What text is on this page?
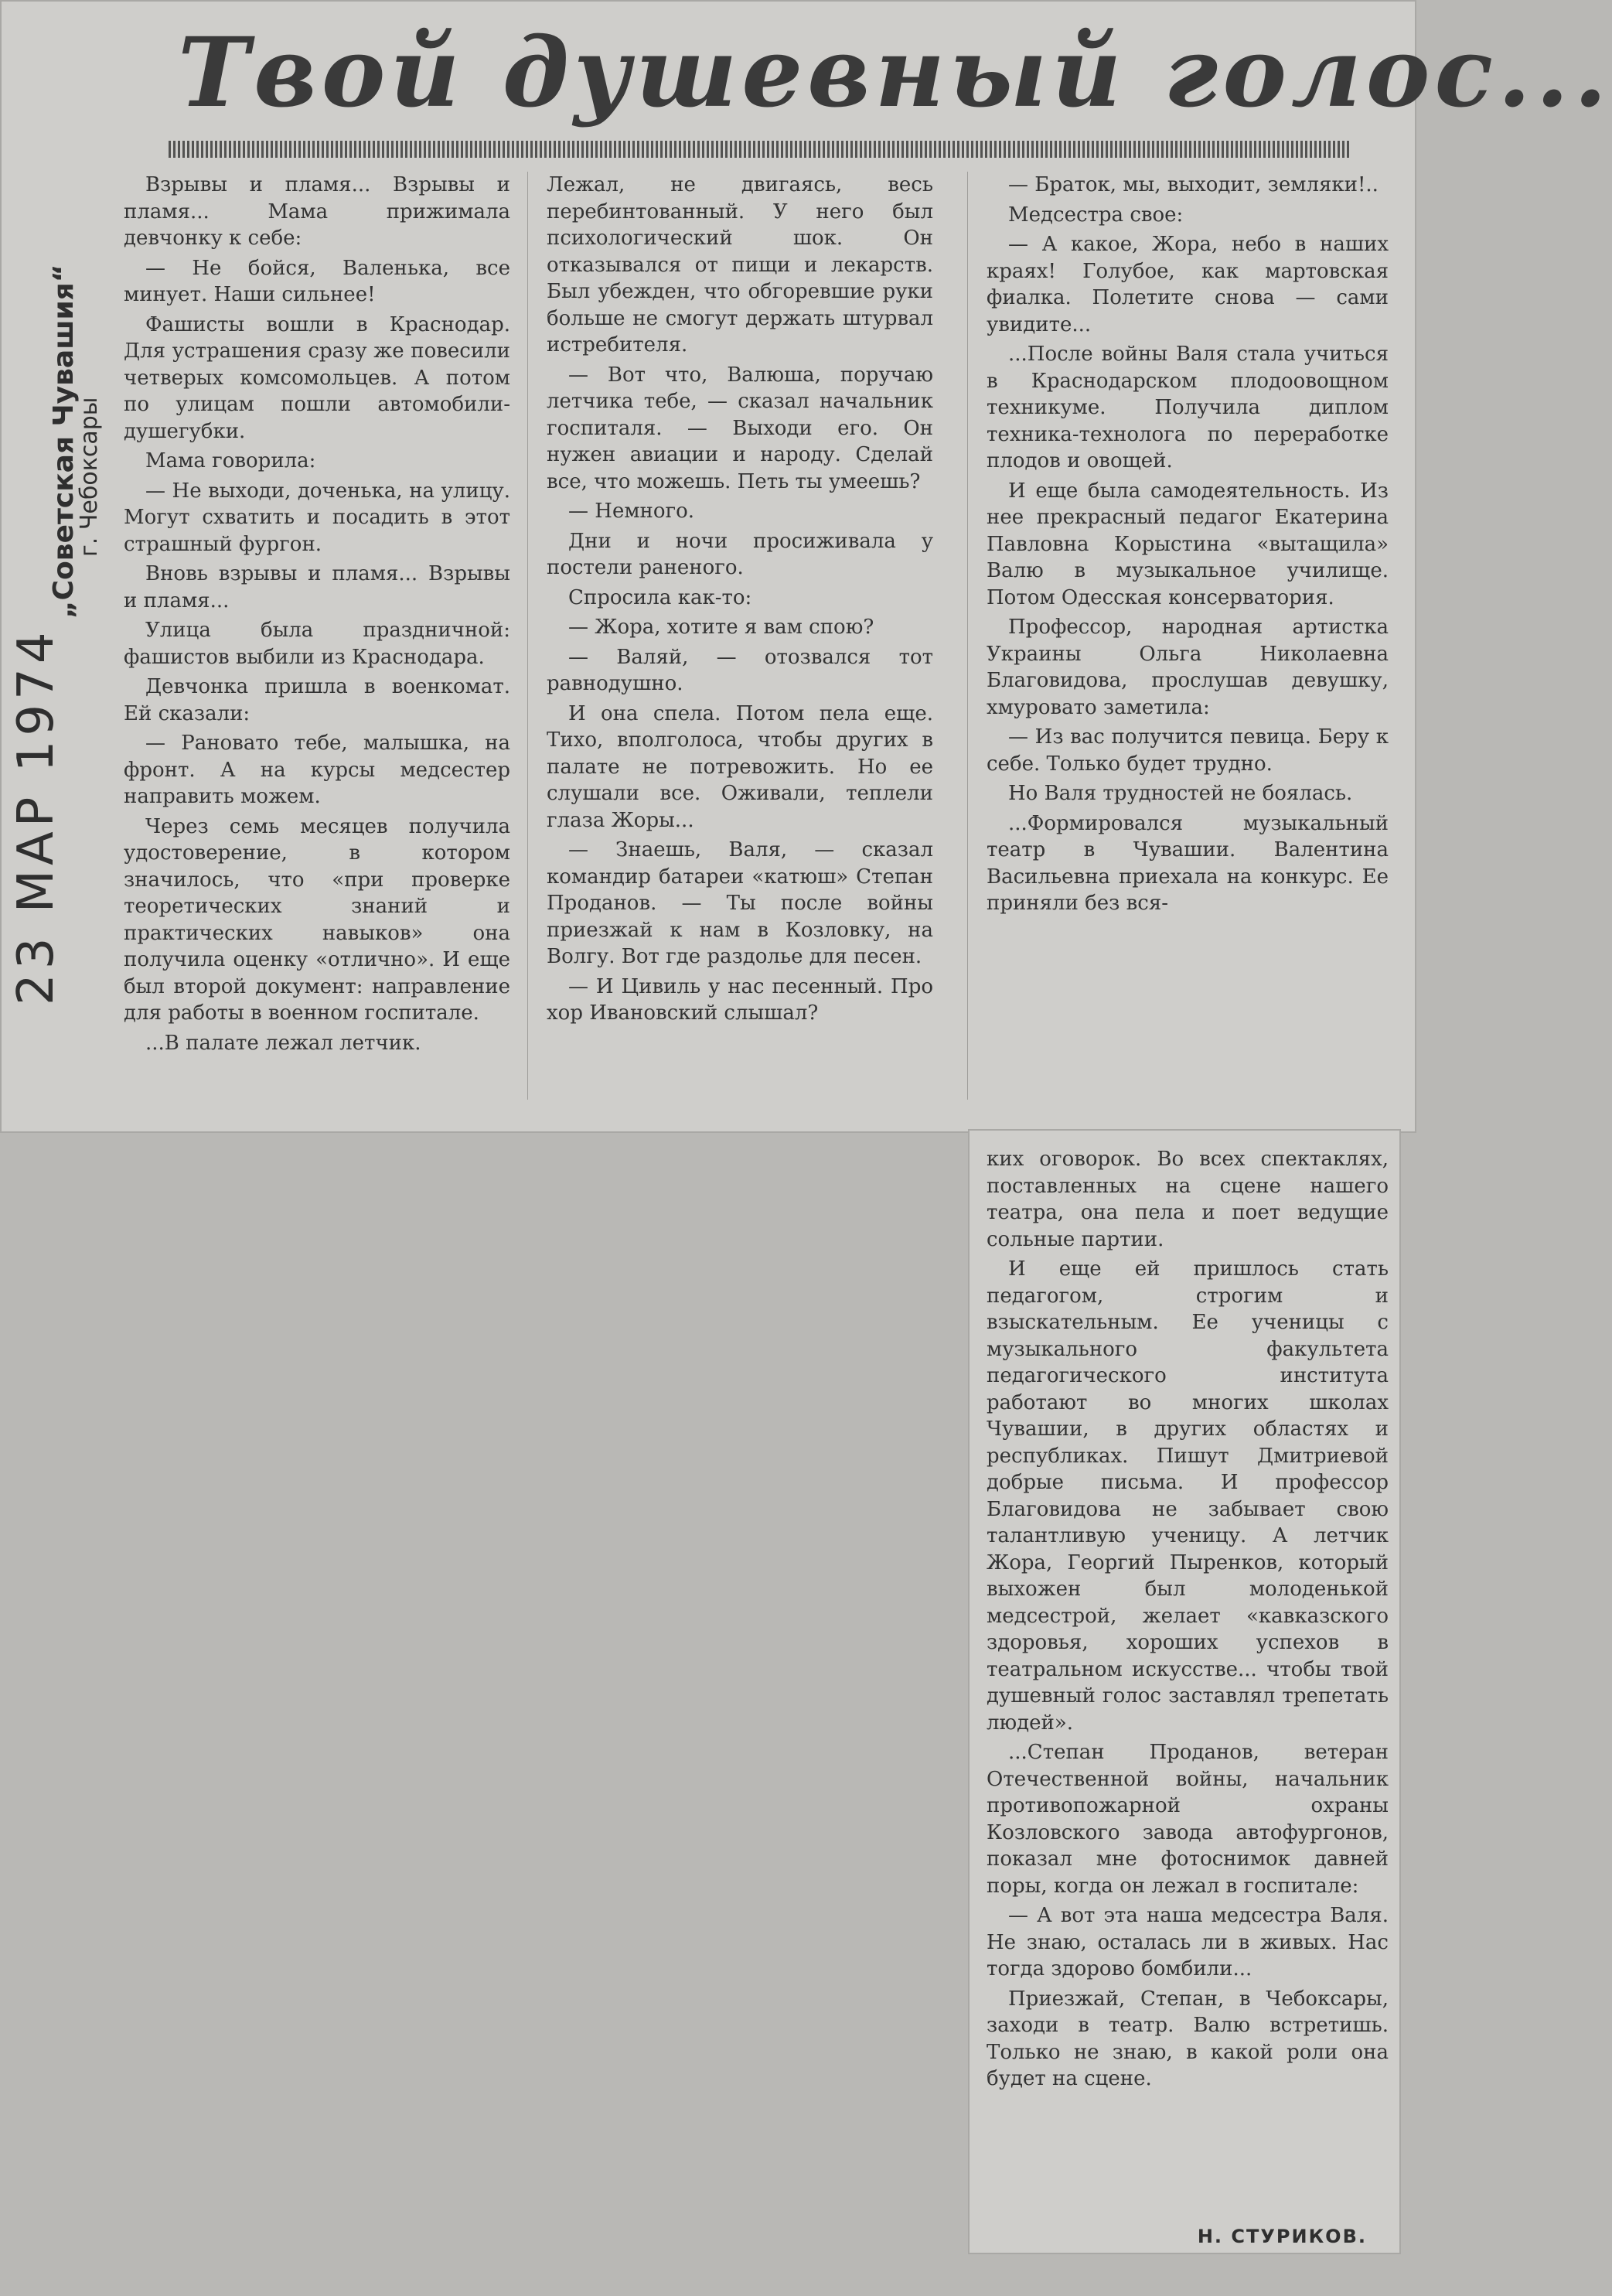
Твой душевный голос...
23 МАР 1974
„Советская Чувашия“
г. Чебоксары

Взрывы и пламя... Взрывы и пламя... Мама прижимала девчонку к себе:

— Не бойся, Валенька, все минует. Наши сильнее!

Фашисты вошли в Краснодар. Для устрашения сразу же повесили четверых комсомольцев. А потом по улицам пошли автомобили-душегубки.

Мама говорила:

— Не выходи, доченька, на улицу. Могут схватить и посадить в этот страшный фургон.

Вновь взрывы и пламя... Взрывы и пламя...

Улица была праздничной: фашистов выбили из Краснодара.

Девчонка пришла в военкомат. Ей сказали:

— Рановато тебе, малышка, на фронт. А на курсы медсестер направить можем.

Через семь месяцев получила удостоверение, в котором значилось, что «при проверке теоретических знаний и практических навыков» она получила оценку «отлично». И еще был второй документ: направление для работы в военном госпитале.

...В палате лежал летчик.

Лежал, не двигаясь, весь перебинтованный. У него был психологический шок. Он отказывался от пищи и лекарств. Был убежден, что обгоревшие руки больше не смогут держать штурвал истребителя.

— Вот что, Валюша, поручаю летчика тебе, — сказал начальник госпиталя. — Выходи его. Он нужен авиации и народу. Сделай все, что можешь. Петь ты умеешь?

— Немного.

Дни и ночи просиживала у постели раненого.

Спросила как-то:

— Жора, хотите я вам спою?

— Валяй, — отозвался тот равнодушно.

И она спела. Потом пела еще. Тихо, вполголоса, чтобы других в палате не потревожить. Но ее слушали все. Оживали, теплели глаза Жоры...

— Знаешь, Валя, — сказал командир батареи «катюш» Степан Проданов. — Ты после войны приезжай к нам в Козловку, на Волгу. Вот где раздолье для песен.

— И Цивиль у нас песенный. Про хор Ивановский слышал?

— Браток, мы, выходит, земляки!..

Медсестра свое:

— А какое, Жора, небо в наших краях! Голубое, как мартовская фиалка. Полетите снова — сами увидите...

...После войны Валя стала учиться в Краснодарском плодоовощном техникуме. Получила диплом техника-технолога по переработке плодов и овощей.

И еще была самодеятельность. Из нее прекрасный педагог Екатерина Павловна Корыстина «вытащила» Валю в музыкальное училище. Потом Одесская консерватория.

Профессор, народная артистка Украины Ольга Николаевна Благовидова, прослушав девушку, хмуровато заметила:

— Из вас получится певица. Беру к себе. Только будет трудно.

Но Валя трудностей не боялась.

...Формировался музыкальный театр в Чувашии. Валентина Васильевна приехала на конкурс. Ее приняли без вся-

ких оговорок. Во всех спектаклях, поставленных на сцене нашего театра, она пела и поет ведущие сольные партии.

И еще ей пришлось стать педагогом, строгим и взыскательным. Ее ученицы с музыкального факультета педагогического института работают во многих школах Чувашии, в других областях и республиках. Пишут Дмитриевой добрые письма. И профессор Благовидова не забывает свою талантливую ученицу. А летчик Жора, Георгий Пыренков, который выхожен был молоденькой медсестрой, желает «кавказского здоровья, хороших успехов в театральном искусстве... чтобы твой душевный голос заставлял трепетать людей».

...Степан Проданов, ветеран Отечественной войны, начальник противопожарной охраны Козловского завода автофургонов, показал мне фотоснимок давней поры, когда он лежал в госпитале:

— А вот эта наша медсестра Валя. Не знаю, осталась ли в живых. Нас тогда здорово бомбили...

Приезжай, Степан, в Чебоксары, заходи в театр. Валю встретишь. Только не знаю, в какой роли она будет на сцене.

Н. СТУРИКОВ.
